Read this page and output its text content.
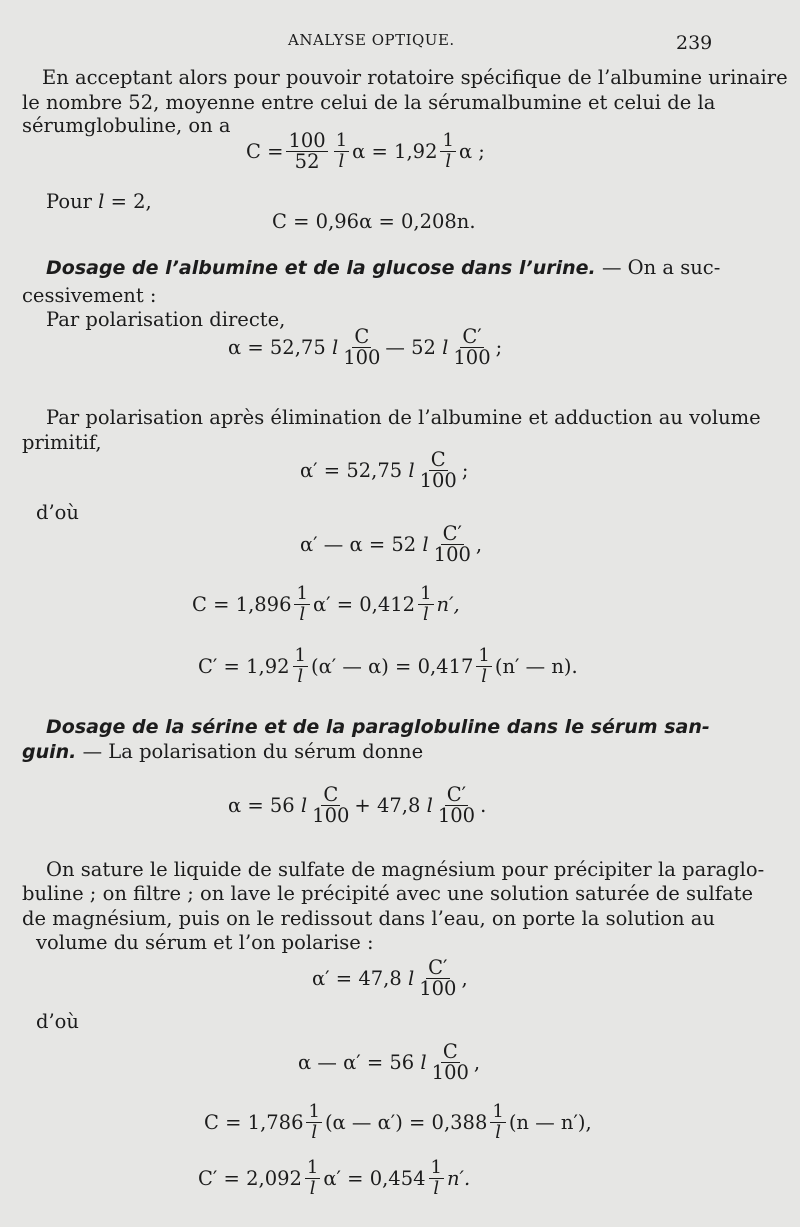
ANALYSE OPTIQUE.	239
En acceptant alors pour pouvoir rotatoire spécifique de l’albumine urinaire
le nombre 52, moyenne entre celui de la sérumalbumine et celui de la
sérumglobuline, on a
$C = \frac{100}{52} \frac{1}{l}$ $\alpha = 1,92 \frac{1}{l}$ α ;
Pour l = 2,
C = 0,96α = 0,208n.
Dosage de l’albumine et de la glucose dans l’urine. — On a suc-
cessivement :
Par polarisation directe,
α = 52,75
l $\frac{C}{100}$ — 52
l $\frac{C'}{100}$ ;
Par polarisation après élimination de l’albumine et adduction au volume
primitif,
α′ = 52,75
l $\frac{C}{100}$ ;
d’où
α′ — α = 52
l $\frac{C'}{100}$ ,
$C = 1,896 \frac{1}{l} \alpha' = 0,412 \frac{1}{l} n'$,
$C' = 1,92 \frac{1}{l} (\alpha'$ — $\alpha) = 0,417 \frac{1}{l} (n'$ — n).
Dosage de la sérine et de la paraglobuline dans le sérum san-
guin. — La polarisation du sérum donne
α = 56
l $\frac{C}{100} + 47,8$
l $\frac{C'}{100}$ .
On sature le liquide de sulfate de magnésium pour précipiter la paraglo-
buline ; on filtre ; on lave le précipité avec une solution saturée de sulfate
de magnésium, puis on le redissout dans l’eau, on porte la solution au
volume du sérum et l’on polarise :
α′ = 47,8
l $\frac{C'}{100}$ ,
d’où
α — α′ = 56
l $\frac{C}{100}$ ,
$C = 1,786 \frac{1}{l} (\alpha$ — $\alpha') = 0,388 \frac{1}{l} (n$ — n′),
$C' = 2,092 \frac{1}{l} \alpha' = 0,454 \frac{1}{l} n'$.
